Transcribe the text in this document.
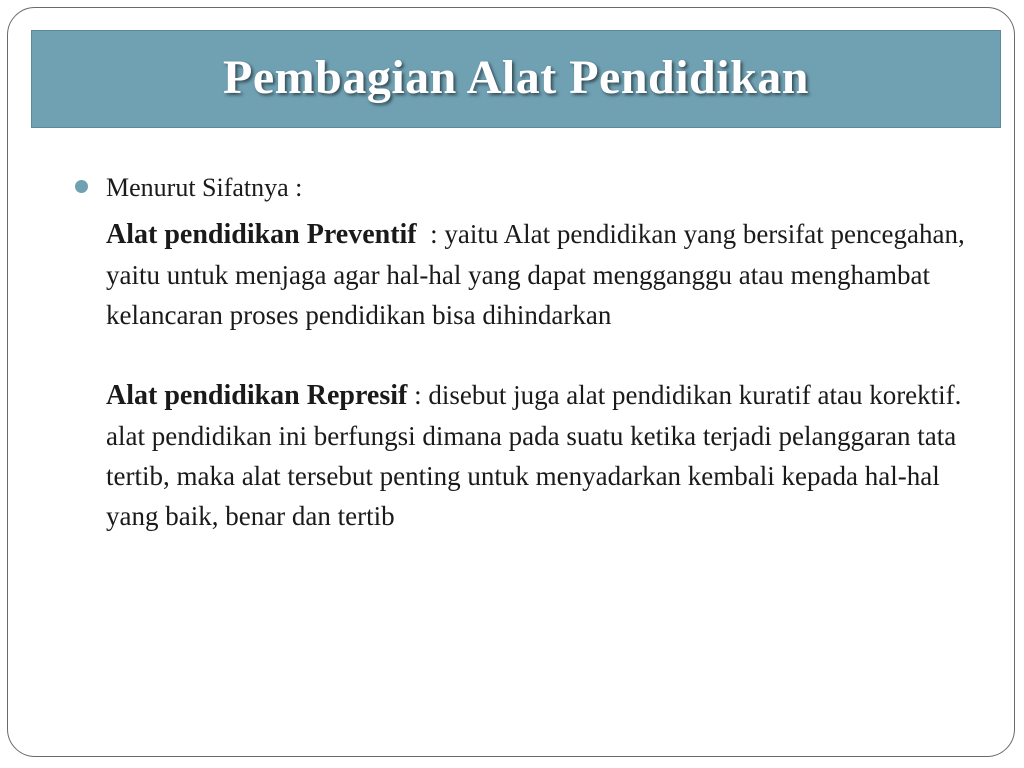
Pembagian Alat Pendidikan
Menurut Sifatnya :
Alat pendidikan Preventif  : yaitu Alat pendidikan yang bersifat pencegahan, yaitu untuk menjaga agar hal-hal yang dapat mengganggu atau menghambat kelancaran proses pendidikan bisa dihindarkan
Alat pendidikan Represif : disebut juga alat pendidikan kuratif atau korektif. alat pendidikan ini berfungsi dimana pada suatu ketika terjadi pelanggaran tata tertib, maka alat tersebut penting untuk menyadarkan kembali kepada hal-hal yang baik, benar dan tertib
